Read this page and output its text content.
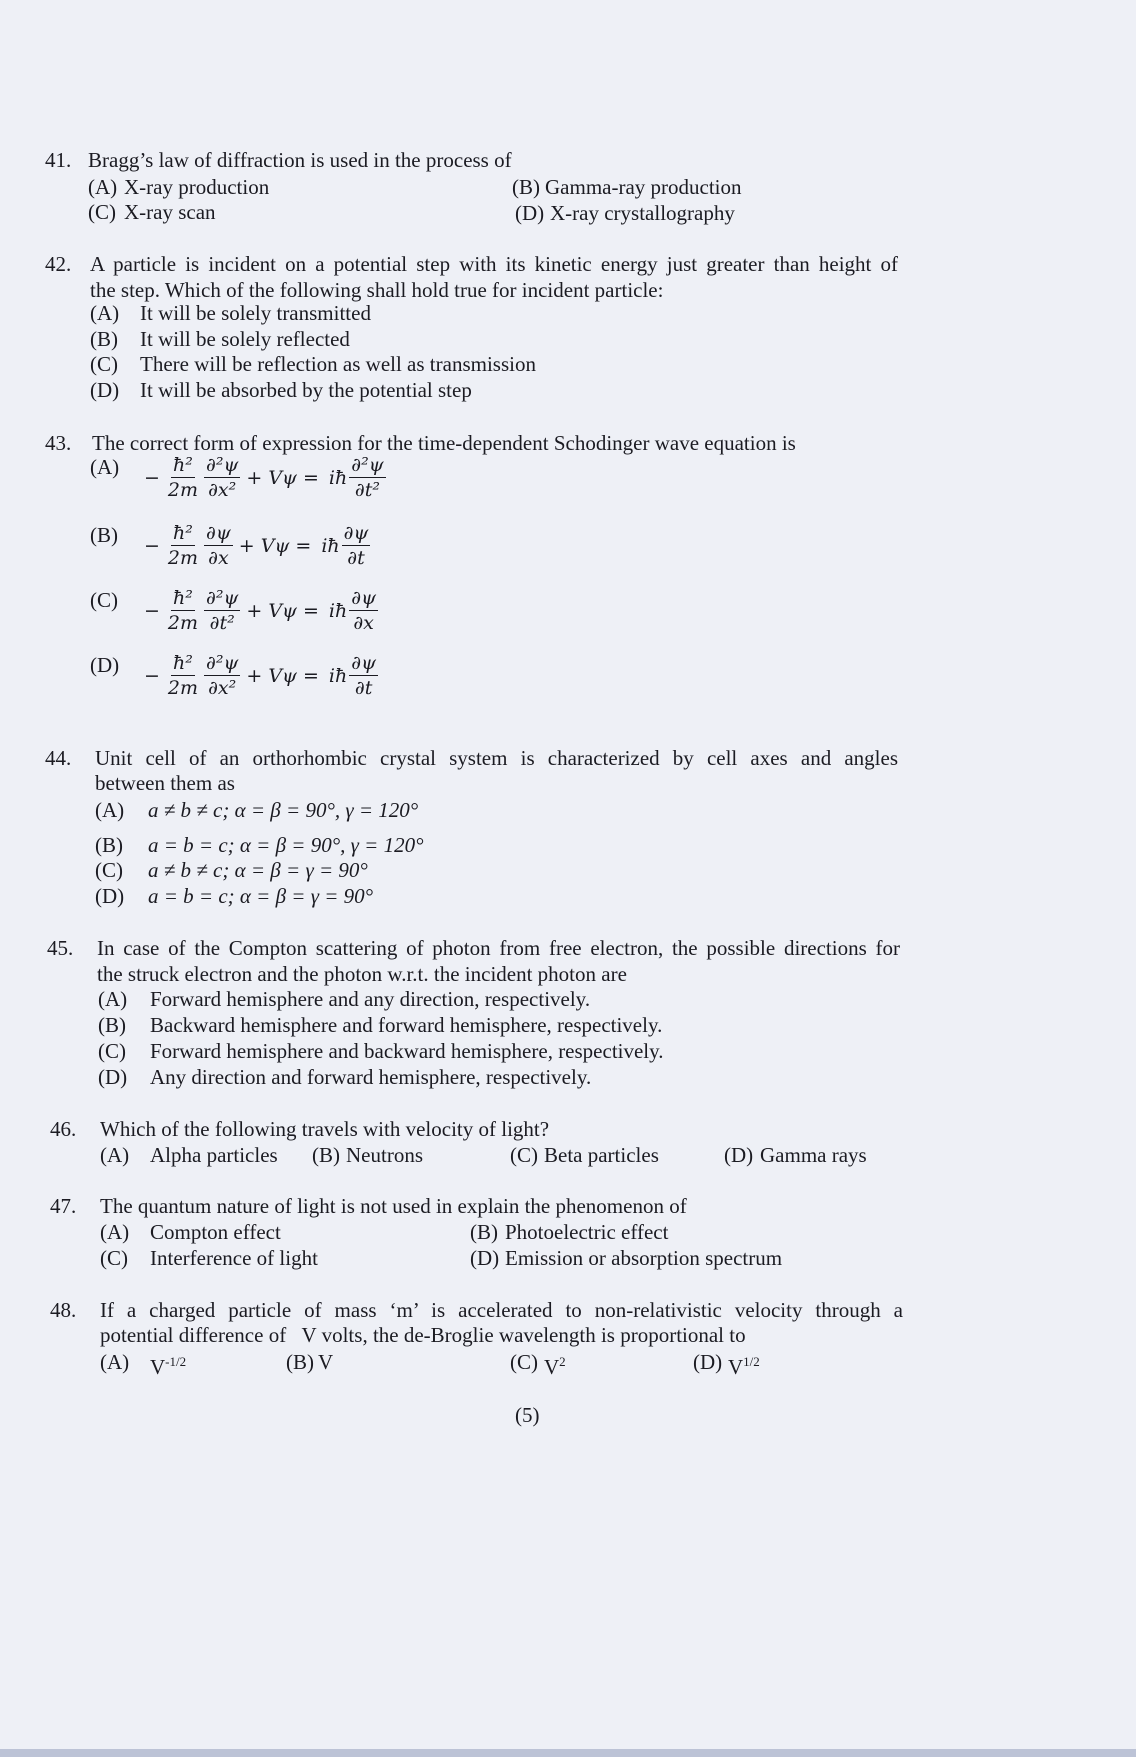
41. Bragg’s law of diffraction is used in the process of
(A) X-ray production	(B) Gamma-ray production
(C) X-ray scan	(D) X-ray crystallography
42. A particle is incident on a potential step with its kinetic energy just greater than height of
the step. Which of the following shall hold true for incident particle:
(A) It will be solely transmitted
(B) It will be solely reflected
(C) There will be reflection as well as transmission
(D) It will be absorbed by the potential step
43. The correct form of expression for the time-dependent Schodinger wave equation is
$(A) - \frac{\text{ħ²}}{2m} \frac{\text{∂²ψ}}{\text{∂x²}} + V\psi$ = iħ $\frac{\text{∂²ψ}}{\text{∂t²}}$
$(B) - \frac{\text{ħ²}}{2m} \frac{\partial\psi}{\partial x} + V\psi$ = iħ $\frac{\partial\psi}{\partial t}$
$(C) - \frac{\text{ħ²}}{2m} \frac{\text{∂²ψ}}{\text{∂t²}} + V\psi$ = iħ $\frac{\partial\psi}{\partial x}$
$(D) - \frac{\text{ħ²}}{2m} \frac{\text{∂²ψ}}{\text{∂x²}} + V\psi$ = iħ $\frac{\partial\psi}{\partial t}$
44. Unit cell of an orthorhombic crystal system is characterized by cell axes and angles
between them as
(A) a ≠ b ≠ c; α = β = 90°, γ = 120°
(B) a = b = c; α = β = 90°, γ = 120°
(C) a ≠ b ≠ c; α = β = γ = 90°
(D) a = b = c; α = β = γ = 90°
45. In case of the Compton scattering of photon from free electron, the possible directions for
the struck electron and the photon w.r.t. the incident photon are
(A) Forward hemisphere and any direction, respectively.
(B) Backward hemisphere and forward hemisphere, respectively.
(C) Forward hemisphere and backward hemisphere, respectively.
(D) Any direction and forward hemisphere, respectively.
46. Which of the following travels with velocity of light?
(A) Alpha particles (B) Neutrons	(C) Beta particles	(D) Gamma rays
47. The quantum nature of light is not used in explain the phenomenon of
(A) Compton effect	(B) Photoelectric effect
(C) Interference of light	(D) Emission or absorption spectrum
48. If a charged particle of mass ‘m’ is accelerated to non-relativistic velocity through a
potential difference of   V volts, the de-Broglie wavelength is proportional to
(A) $V^{-1/2}$	(B) V	(C) $V^2$	(D) $V^{1/2}$
(5)
